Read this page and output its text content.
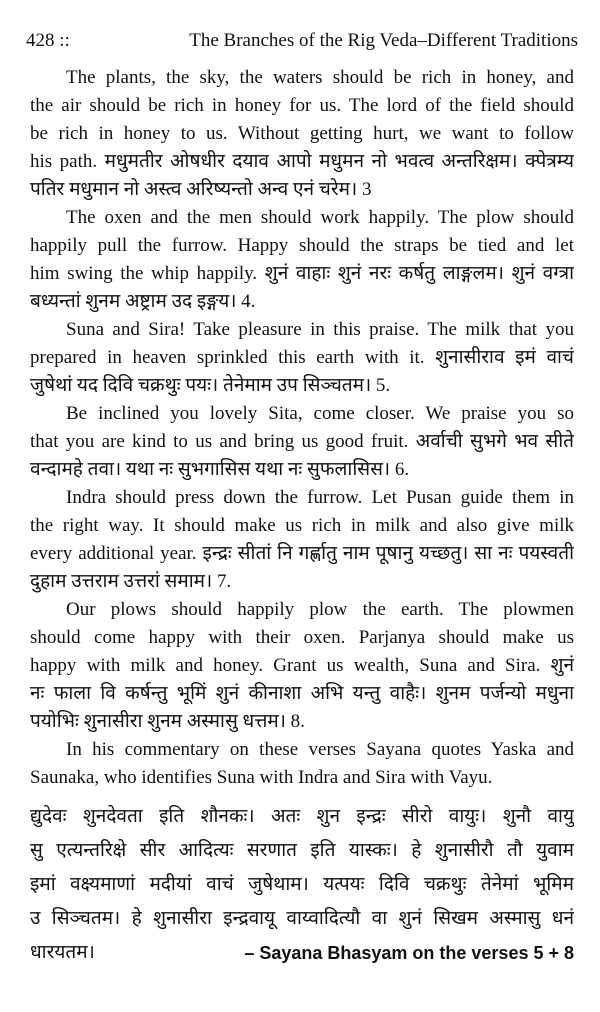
428 ::	The Branches of the Rig Veda–Different Traditions
The plants, the sky, the waters should be rich in honey, and
the air should be rich in honey for us. The lord of the field should
be rich in honey to us. Without getting hurt, we want to follow
his path. मधुमतीर ओषधीर दयाव आपो मधुमन नो भवत्व अन्तरिक्षम। क्पेत्रम्य
पतिर मधुमान नो अस्त्व अरिष्यन्तो अन्व एनं चरेम। 3
The oxen and the men should work happily. The plow should
happily pull the furrow. Happy should the straps be tied and let
him swing the whip happily. शुनं वाहाः शुनं नरः कर्षतु लाङ्गलम। शुनं वग्त्रा
बध्यन्तां शुनम अष्ट्राम उद इङ्गय। 4.
Suna and Sira! Take pleasure in this praise. The milk that you
prepared in heaven sprinkled this earth with it. शुनासीराव इमं वाचं
जुषेथां यद दिवि चक्रथुः पयः। तेनेमाम उप सिञ्चतम। 5.
Be inclined you lovely Sita, come closer. We praise you so
that you are kind to us and bring us good fruit. अर्वाची सुभगे भव सीते
वन्दामहे तवा। यथा नः सुभगासिस यथा नः सुफलासिस। 6.
Indra should press down the furrow. Let Pusan guide them in
the right way. It should make us rich in milk and also give milk
every additional year. इन्द्रः सीतां नि गर्ह्णातु नाम पूषानु यच्छतु। सा नः पयस्वती
दुहाम उत्तराम उत्तरां समाम। 7.
Our plows should happily plow the earth. The plowmen
should come happy with their oxen. Parjanya should make us
happy with milk and honey. Grant us wealth, Suna and Sira. शुनं
नः फाला वि कर्षन्तु भूमिं शुनं कीनाशा अभि यन्तु वाहैः। शुनम पर्जन्यो मधुना
पयोभिः शुनासीरा शुनम अस्मासु धत्तम। 8.
In his commentary on these verses Sayana quotes Yaska and
Saunaka, who identifies Suna with Indra and Sira with Vayu.
द्युदेवः शुनदेवता इति शौनकः। अतः शुन इन्द्रः सीरो वायुः। शुनौ वायु
सु एत्यन्तरिक्षे सीर आदित्यः सरणात इति यास्कः। हे शुनासीरौ तौ युवाम
इमां वक्ष्यमाणां मदीयां वाचं जुषेथाम। यत्पयः दिवि चक्रथुः तेनेमां भूमिम
उ सिञ्चतम। हे शुनासीरा इन्द्रवायू वाय्वादित्यौ वा शुनं सिखम अस्मासु धनं
धारयतम।	– Sayana Bhasyam on the verses 5 + 8
